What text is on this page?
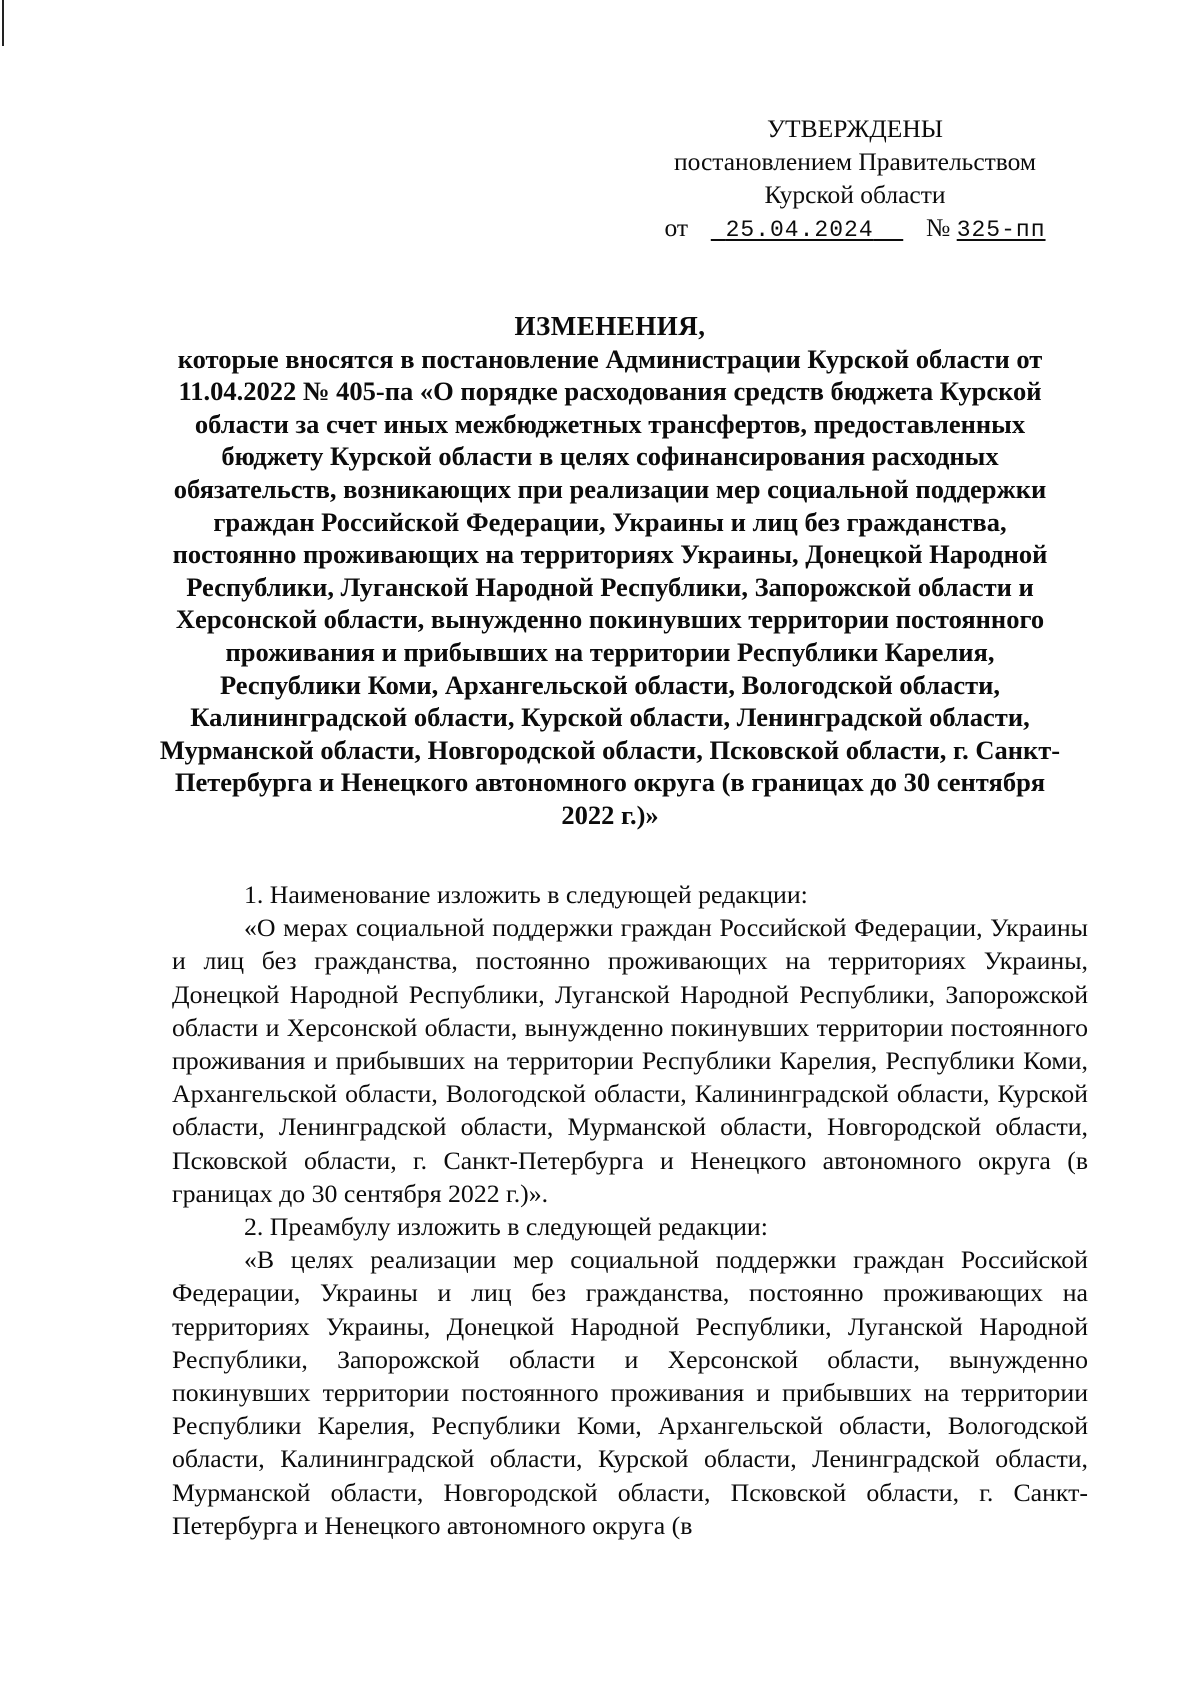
УТВЕРЖДЕНЫ
постановлением Правительством
Курской области
от 25.04.2024 № 325-пп
ИЗМЕНЕНИЯ,
которые вносятся в постановление Администрации Курской области от 11.04.2022 № 405-па «О порядке расходования средств бюджета Курской области за счет иных межбюджетных трансфертов, предоставленных бюджету Курской области в целях софинансирования расходных обязательств, возникающих при реализации мер социальной поддержки граждан Российской Федерации, Украины и лиц без гражданства, постоянно проживающих на территориях Украины, Донецкой Народной Республики, Луганской Народной Республики, Запорожской области и Херсонской области, вынужденно покинувших территории постоянного проживания и прибывших на территории Республики Карелия, Республики Коми, Архангельской области, Вологодской области, Калининградской области, Курской области, Ленинградской области, Мурманской области, Новгородской области, Псковской области, г. Санкт-Петербурга и Ненецкого автономного округа (в границах до 30 сентября 2022 г.)»

1. Наименование изложить в следующей редакции:

«О мерах социальной поддержки граждан Российской Федерации, Украины и лиц без гражданства, постоянно проживающих на территориях Украины, Донецкой Народной Республики, Луганской Народной Республики, Запорожской области и Херсонской области, вынужденно покинувших территории постоянного проживания и прибывших на территории Республики Карелия, Республики Коми, Архангельской области, Вологодской области, Калининградской области, Курской области, Ленинградской области, Мурманской области, Новгородской области, Псковской области, г. Санкт-Петербурга и Ненецкого автономного округа (в границах до 30 сентября 2022 г.)».

2. Преамбулу изложить в следующей редакции:

«В целях реализации мер социальной поддержки граждан Российской Федерации, Украины и лиц без гражданства, постоянно проживающих на территориях Украины, Донецкой Народной Республики, Луганской Народной Республики, Запорожской области и Херсонской области, вынужденно покинувших территории постоянного проживания и прибывших на территории Республики Карелия, Республики Коми, Архангельской области, Вологодской области, Калининградской области, Курской области, Ленинградской области, Мурманской области, Новгородской области, Псковской области, г. Санкт-Петербурга и Ненецкого автономного округа (в
